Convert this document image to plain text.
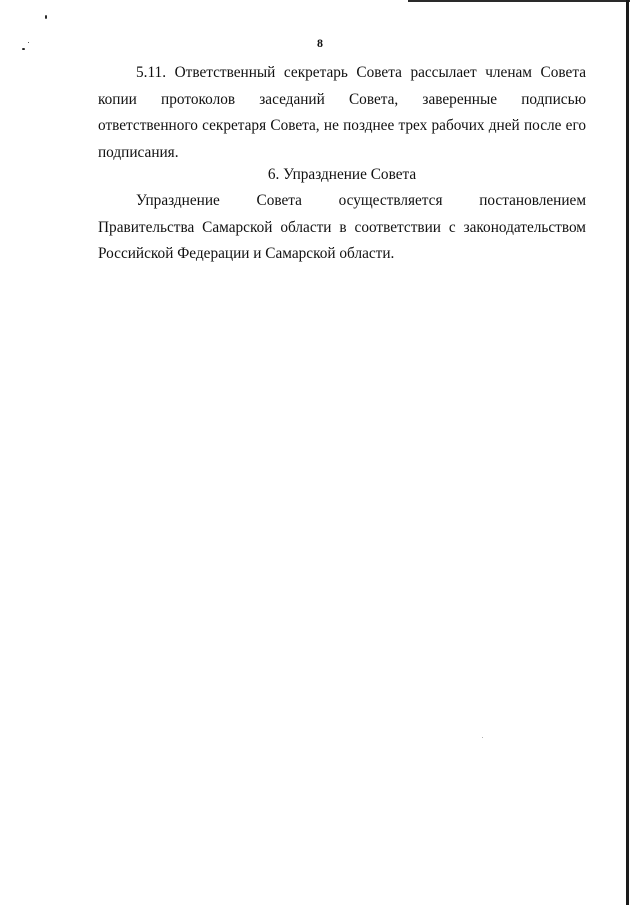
8

5.11. Ответственный секретарь Совета рассылает членам Совета копии протоколов заседаний Совета, заверенные подписью ответственного секретаря Совета, не позднее трех рабочих дней после его подписания.

6. Упразднение Совета

Упразднение Совета осуществляется постановлением Правительства Самарской области в соответствии с законодательством Российской Федерации и Самарской области.
